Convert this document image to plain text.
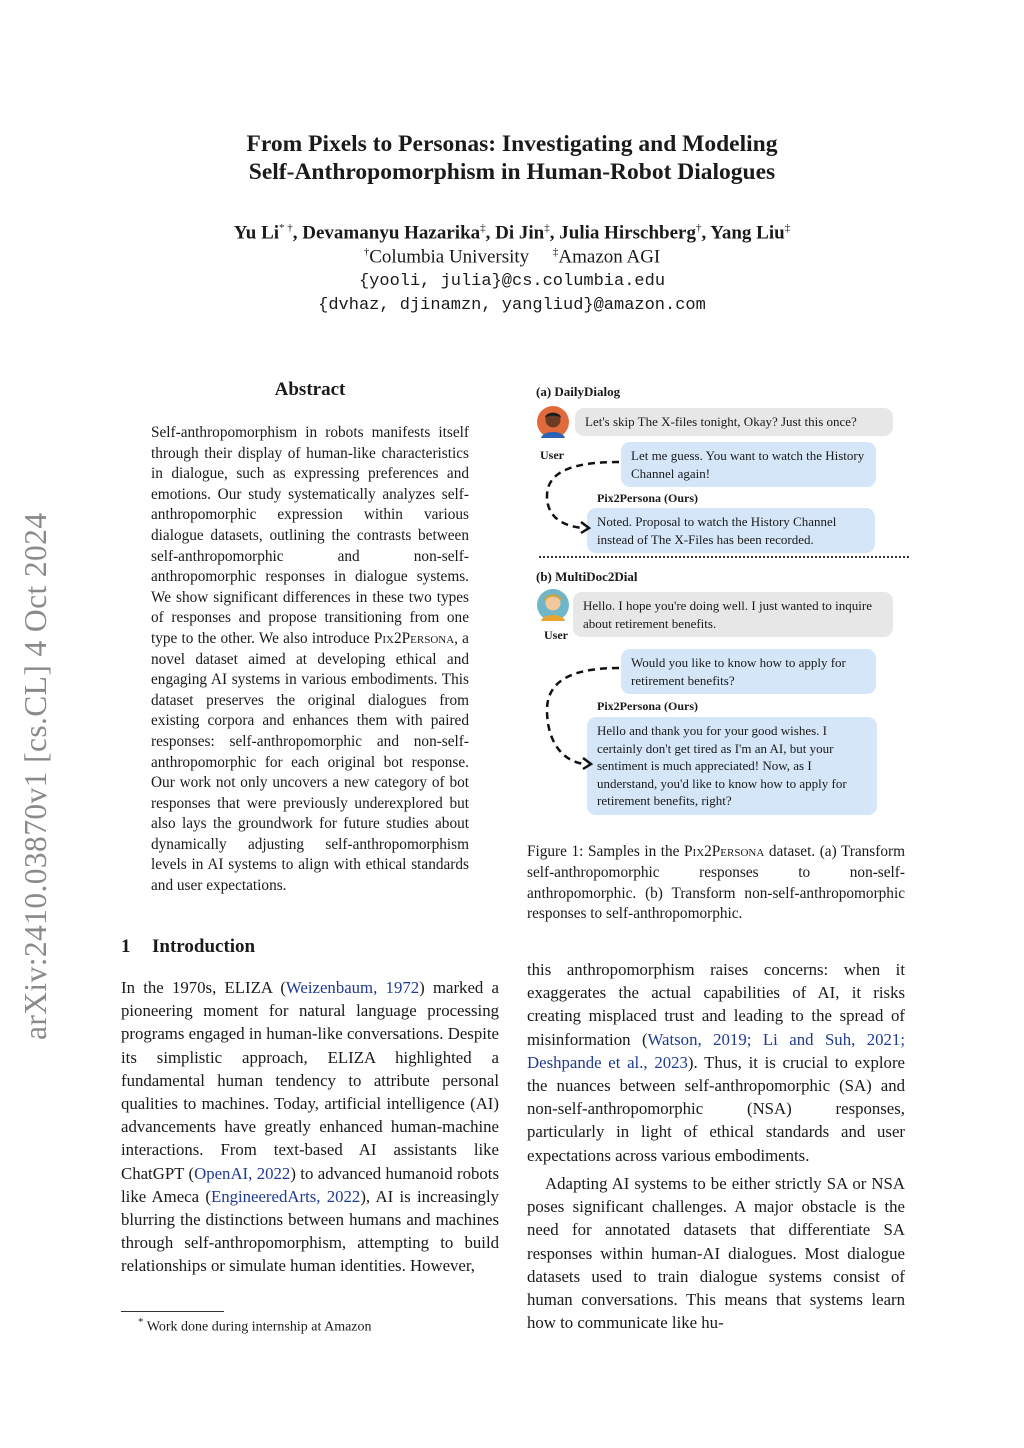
arXiv:2410.03870v1 [cs.CL] 4 Oct 2024
From Pixels to Personas: Investigating and Modeling
Self-Anthropomorphism in Human-Robot Dialogues
Yu Li* †, Devamanyu Hazarika‡, Di Jin‡, Julia Hirschberg†, Yang Liu‡
†Columbia University ‡Amazon AGI
{yooli, julia}@cs.columbia.edu
{dvhaz, djinamzn, yangliud}@amazon.com
Abstract
Self-anthropomorphism in robots manifests itself through their display of human-like characteristics in dialogue, such as expressing preferences and emotions. Our study systematically analyzes self-anthropomorphic expression within various dialogue datasets, outlining the contrasts between self-anthropomorphic and non-self-anthropomorphic responses in dialogue systems. We show significant differences in these two types of responses and propose transitioning from one type to the other. We also introduce Pix2Persona, a novel dataset aimed at developing ethical and engaging AI systems in various embodiments. This dataset preserves the original dialogues from existing corpora and enhances them with paired responses: self-anthropomorphic and non-self-anthropomorphic for each original bot response. Our work not only uncovers a new category of bot responses that were previously underexplored but also lays the groundwork for future studies about dynamically adjusting self-anthropomorphism levels in AI systems to align with ethical standards and user expectations.
1 Introduction
In the 1970s, ELIZA (Weizenbaum, 1972) marked a pioneering moment for natural language processing programs engaged in human-like conversations. Despite its simplistic approach, ELIZA highlighted a fundamental human tendency to attribute personal qualities to machines. Today, artificial intelligence (AI) advancements have greatly enhanced human-machine interactions. From text-based AI assistants like ChatGPT (OpenAI, 2022) to advanced humanoid robots like Ameca (EngineeredArts, 2022), AI is increasingly blurring the distinctions between humans and machines through self-anthropomorphism, attempting to build relationships or simulate human identities. However,
* Work done during internship at Amazon
(a) DailyDialog
User
Let's skip The X-files tonight, Okay? Just this once?
Let me guess. You want to watch the History Channel again!
Pix2Persona (Ours)
Noted. Proposal to watch the History Channel instead of The X-Files has been recorded.
(b) MultiDoc2Dial
User
Hello. I hope you're doing well. I just wanted to inquire about retirement benefits.
Would you like to know how to apply for retirement benefits?
Pix2Persona (Ours)
Hello and thank you for your good wishes. I certainly don't get tired as I'm an AI, but your sentiment is much appreciated! Now, as I understand, you'd like to know how to apply for retirement benefits, right?
Figure 1: Samples in the Pix2Persona dataset. (a) Transform self-anthropomorphic responses to non-self-anthropomorphic. (b) Transform non-self-anthropomorphic responses to self-anthropomorphic.
this anthropomorphism raises concerns: when it exaggerates the actual capabilities of AI, it risks creating misplaced trust and leading to the spread of misinformation (Watson, 2019; Li and Suh, 2021; Deshpande et al., 2023). Thus, it is crucial to explore the nuances between self-anthropomorphic (SA) and non-self-anthropomorphic (NSA) responses, particularly in light of ethical standards and user expectations across various embodiments.
Adapting AI systems to be either strictly SA or NSA poses significant challenges. A major obstacle is the need for annotated datasets that differentiate SA responses within human-AI dialogues. Most dialogue datasets used to train dialogue systems consist of human conversations. This means that systems learn how to communicate like hu-
